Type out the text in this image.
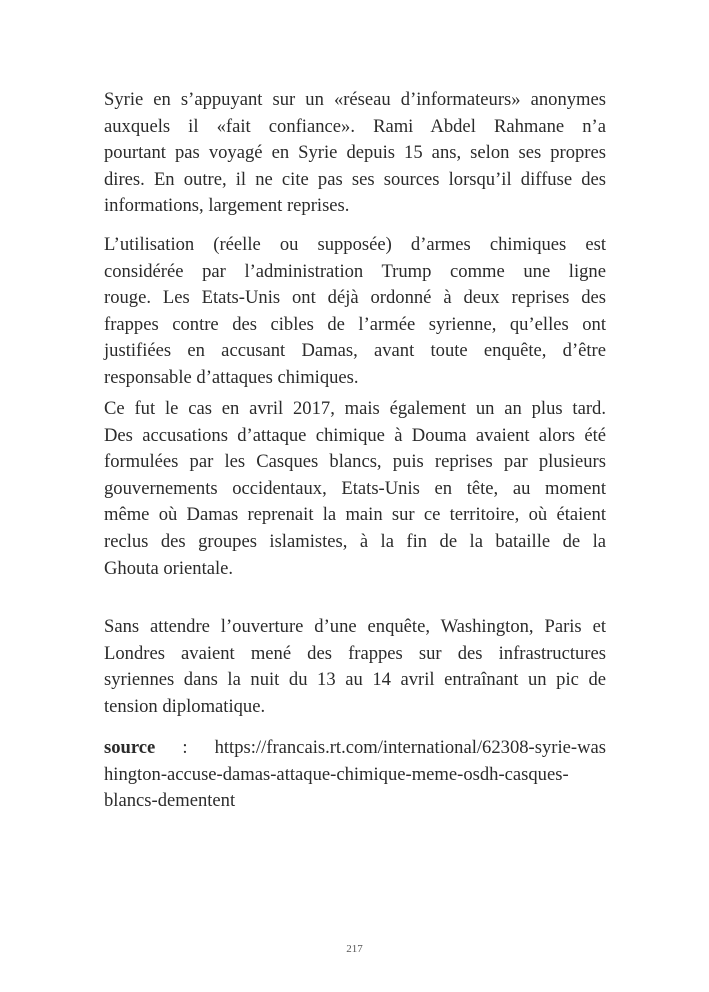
Syrie en s’appuyant sur un «réseau d’informateurs» anonymes
auxquels il «fait confiance». Rami Abdel Rahmane n’a
pourtant pas voyagé en Syrie depuis 15 ans, selon ses propres
dires. En outre, il ne cite pas ses sources lorsqu’il diffuse des
informations, largement reprises.
L’utilisation (réelle ou supposée) d’armes chimiques est
considérée par l’administration Trump comme une ligne
rouge. Les Etats-Unis ont déjà ordonné à deux reprises des
frappes contre des cibles de l’armée syrienne, qu’elles ont
justifiées en accusant Damas, avant toute enquête, d’être
responsable d’attaques chimiques.
Ce fut le cas en avril 2017, mais également un an plus tard.
Des accusations d’attaque chimique à Douma avaient alors été
formulées par les Casques blancs, puis reprises par plusieurs
gouvernements occidentaux, Etats-Unis en tête, au moment
même où Damas reprenait la main sur ce territoire, où étaient
reclus des groupes islamistes, à la fin de la bataille de la
Ghouta orientale.
Sans attendre l’ouverture d’une enquête, Washington, Paris et
Londres avaient mené des frappes sur des infrastructures
syriennes dans la nuit du 13 au 14 avril entraînant un pic de
tension diplomatique.
source : https://francais.rt.com/international/62308-syrie-was
hington-accuse-damas-attaque-chimique-meme-osdh-casques-
blancs-dementent
217
